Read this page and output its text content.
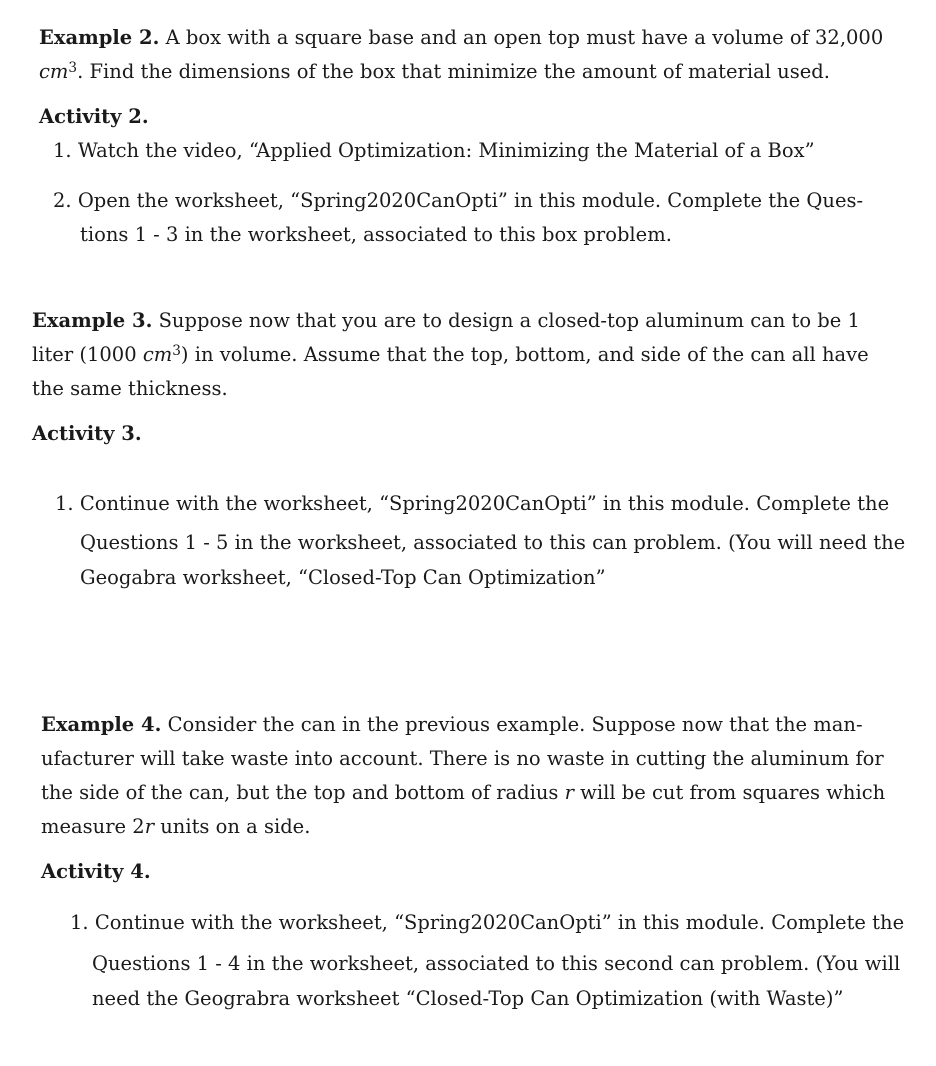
Example 2. A box with a square base and an open top must have a volume of 32,000
$cm^3$. Find the dimensions of the box that minimize the amount of material used.
Activity 2.
1. Watch the video, “Applied Optimization: Minimizing the Material of a Box”
2. Open the worksheet, “Spring2020CanOpti” in this module. Complete the Ques-
tions 1 - 3 in the worksheet, associated to this box problem.
Example 3. Suppose now that you are to design a closed-top aluminum can to be 1
liter (1000 $cm^3$) in volume. Assume that the top, bottom, and side of the can all have
the same thickness.
Activity 3.
1. Continue with the worksheet, “Spring2020CanOpti” in this module. Complete the
Questions 1 - 5 in the worksheet, associated to this can problem. (You will need the
Geogabra worksheet, “Closed-Top Can Optimization”
Example 4. Consider the can in the previous example. Suppose now that the man-
ufacturer will take waste into account. There is no waste in cutting the aluminum for
the side of the can, but the top and bottom of radius r will be cut from squares which
measure 2r units on a side.
Activity 4.
1. Continue with the worksheet, “Spring2020CanOpti” in this module. Complete the
Questions 1 - 4 in the worksheet, associated to this second can problem. (You will
need the Geograbra worksheet “Closed-Top Can Optimization (with Waste)”
